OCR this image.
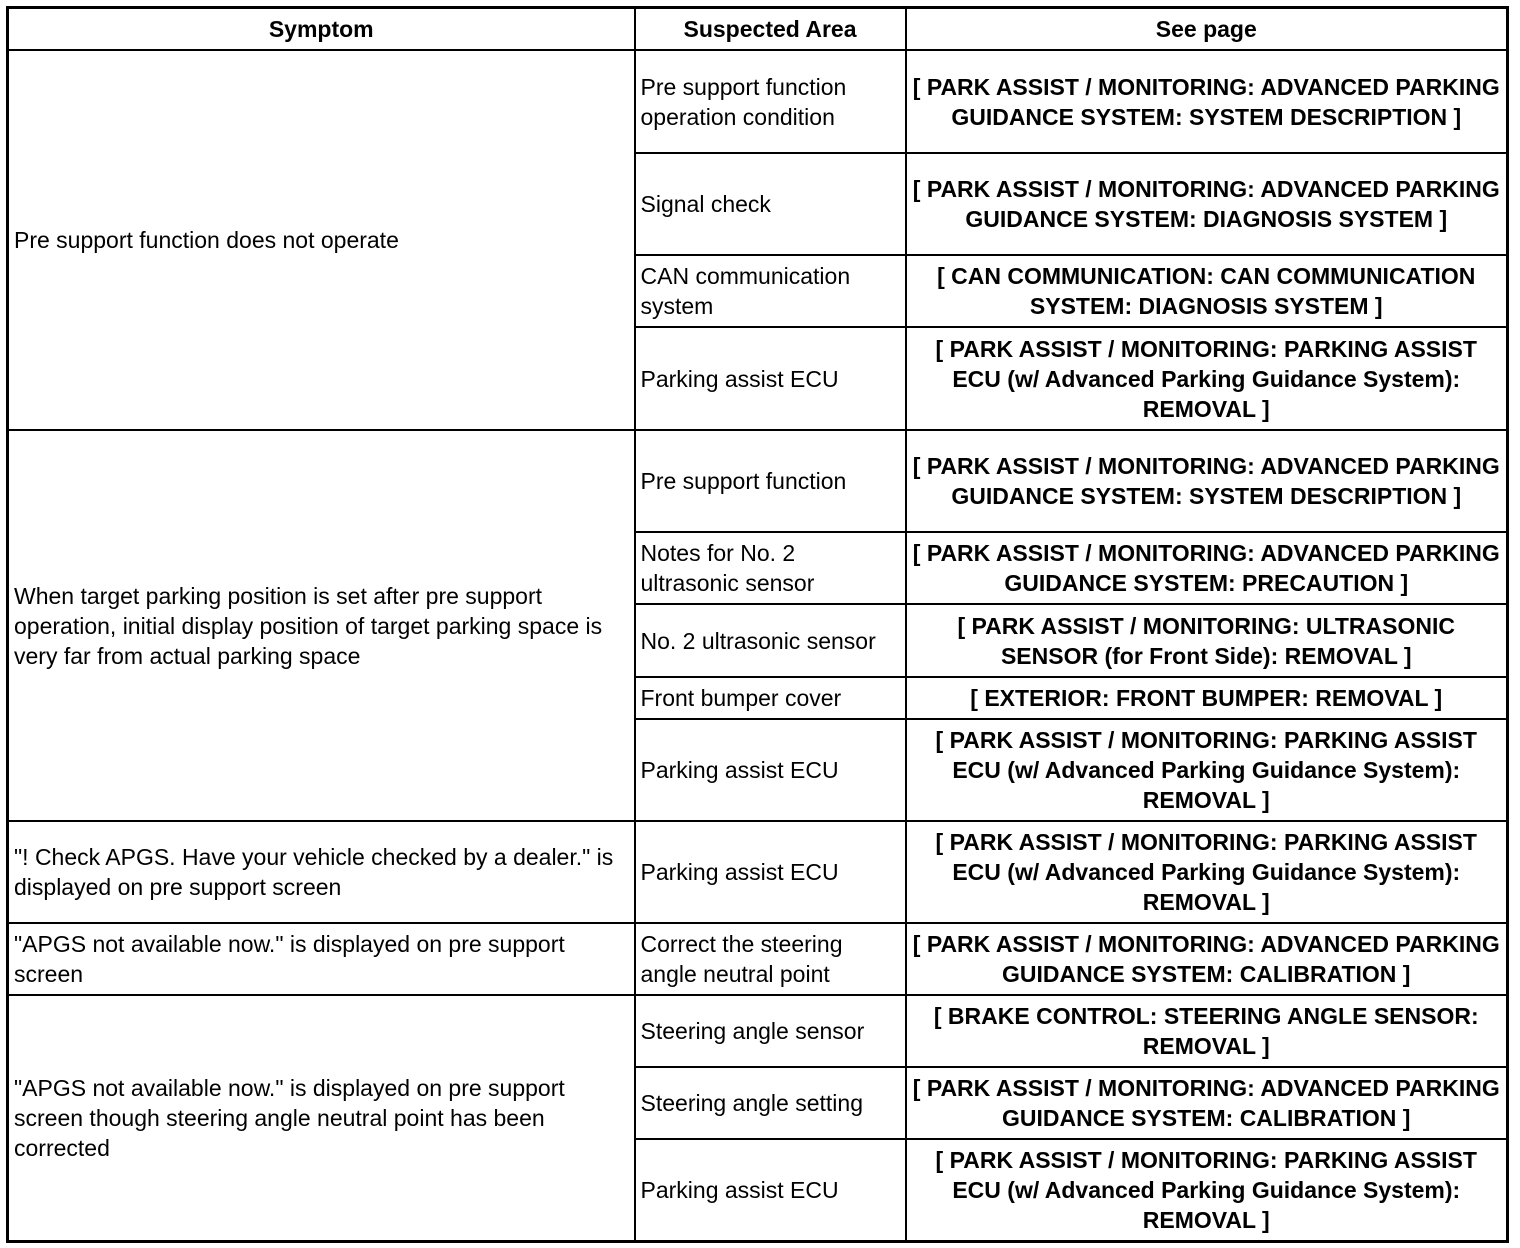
Symptom	Suspected Area	See page
Pre support function does not operate	Pre support function operation condition	[ PARK ASSIST / MONITORING: ADVANCED PARKING GUIDANCE SYSTEM: SYSTEM DESCRIPTION ]
	Signal check	[ PARK ASSIST / MONITORING: ADVANCED PARKING GUIDANCE SYSTEM: DIAGNOSIS SYSTEM ]
	CAN communication system	[ CAN COMMUNICATION: CAN COMMUNICATION SYSTEM: DIAGNOSIS SYSTEM ]
	Parking assist ECU	[ PARK ASSIST / MONITORING: PARKING ASSIST ECU (w/ Advanced Parking Guidance System): REMOVAL ]
When target parking position is set after pre support operation, initial display position of target parking space is very far from actual parking space	Pre support function	[ PARK ASSIST / MONITORING: ADVANCED PARKING GUIDANCE SYSTEM: SYSTEM DESCRIPTION ]
	Notes for No. 2 ultrasonic sensor	[ PARK ASSIST / MONITORING: ADVANCED PARKING GUIDANCE SYSTEM: PRECAUTION ]
	No. 2 ultrasonic sensor	[ PARK ASSIST / MONITORING: ULTRASONIC SENSOR (for Front Side): REMOVAL ]
	Front bumper cover	[ EXTERIOR: FRONT BUMPER: REMOVAL ]
	Parking assist ECU	[ PARK ASSIST / MONITORING: PARKING ASSIST ECU (w/ Advanced Parking Guidance System): REMOVAL ]
"! Check APGS. Have your vehicle checked by a dealer." is displayed on pre support screen	Parking assist ECU	[ PARK ASSIST / MONITORING: PARKING ASSIST ECU (w/ Advanced Parking Guidance System): REMOVAL ]
"APGS not available now." is displayed on pre support screen	Correct the steering angle neutral point	[ PARK ASSIST / MONITORING: ADVANCED PARKING GUIDANCE SYSTEM: CALIBRATION ]
"APGS not available now." is displayed on pre support screen though steering angle neutral point has been corrected	Steering angle sensor	[ BRAKE CONTROL: STEERING ANGLE SENSOR: REMOVAL ]
	Steering angle setting	[ PARK ASSIST / MONITORING: ADVANCED PARKING GUIDANCE SYSTEM: CALIBRATION ]
	Parking assist ECU	[ PARK ASSIST / MONITORING: PARKING ASSIST ECU (w/ Advanced Parking Guidance System): REMOVAL ]
